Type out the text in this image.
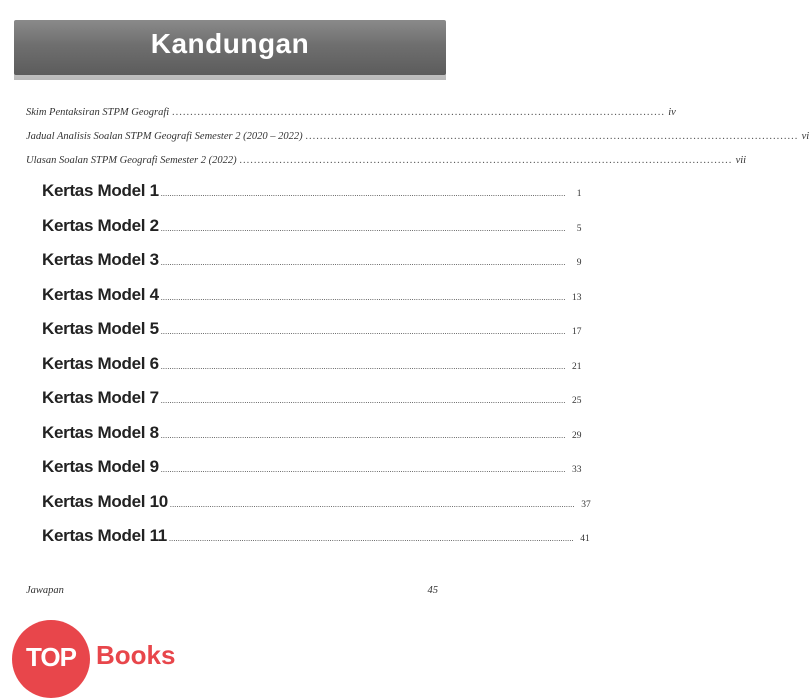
Kandungan
Skim Pentaksiran STPM Geografi ........................................................................................................................................ iv
Jadual Analisis Soalan STPM Geografi Semester 2 (2020 – 2022) ........................................................................................................................................ vi
Ulasan Soalan STPM Geografi Semester 2 (2022) ........................................................................................................................................ vii
Kertas Model 1 ........................................................................................................................................................................................	1
Kertas Model 2 ........................................................................................................................................................................................	5
Kertas Model 3 ........................................................................................................................................................................................	9
Kertas Model 4 ........................................................................................................................................................................................ 13
Kertas Model 5 ........................................................................................................................................................................................ 17
Kertas Model 6 ........................................................................................................................................................................................ 21
Kertas Model 7 ........................................................................................................................................................................................ 25
Kertas Model 8 ........................................................................................................................................................................................ 29
Kertas Model 9 ........................................................................................................................................................................................ 33
Kertas Model 10 ........................................................................................................................................................................................ 37
Kertas Model 11 ........................................................................................................................................................................................ 41
Jawapan	45
TOP Books
